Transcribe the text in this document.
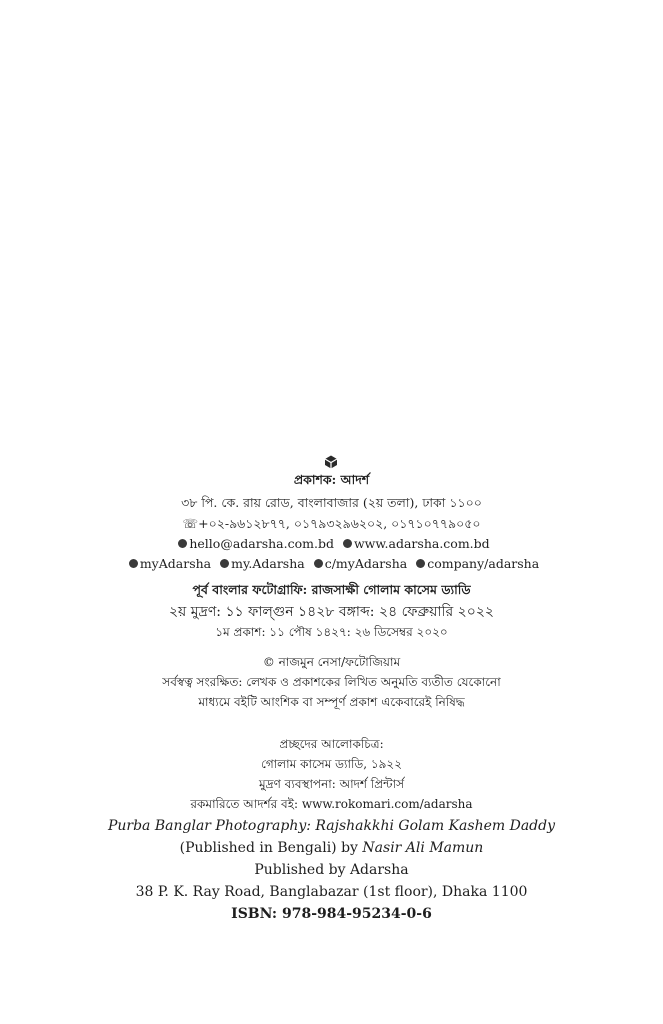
প্রকাশক: আদর্শ
৩৮ পি. কে. রায় রোড, বাংলাবাজার (২য় তলা), ঢাকা ১১০০
☏+০২-৯৬১২৮৭৭, ০১৭৯৩২৯৬২০২, ০১৭১০৭৭৯০৫০
hello@adarsha.com.bd www.adarsha.com.bd
myAdarsha my.Adarsha c/myAdarsha company/adarsha
পূর্ব বাংলার ফটোগ্রাফি: রাজসাক্ষী গোলাম কাসেম ড্যাডি
২য় মুদ্রণ: ১১ ফাল্গুন ১৪২৮ বঙ্গাব্দ: ২৪ ফেব্রুয়ারি ২০২২
১ম প্রকাশ: ১১ পৌষ ১৪২৭: ২৬ ডিসেম্বর ২০২০
© নাজমুন নেসা/ফটোজিয়াম
সর্বস্বত্ব সংরক্ষিত: লেখক ও প্রকাশকের লিখিত অনুমতি ব্যতীত যেকোনো
মাধ্যমে বইটি আংশিক বা সম্পূর্ণ প্রকাশ একেবারেই নিষিদ্ধ
প্রচ্ছদের আলোকচিত্র:
গোলাম কাসেম ড্যাডি, ১৯২২
মুদ্রণ ব্যবস্থাপনা: আদর্শ প্রিন্টার্স
রকমারিতে আদর্শর বই: www.rokomari.com/adarsha
Purba Banglar Photography: Rajshakkhi Golam Kashem Daddy
(Published in Bengali) by Nasir Ali Mamun
Published by Adarsha
38 P. K. Ray Road, Banglabazar (1st floor), Dhaka 1100
ISBN: 978-984-95234-0-6
